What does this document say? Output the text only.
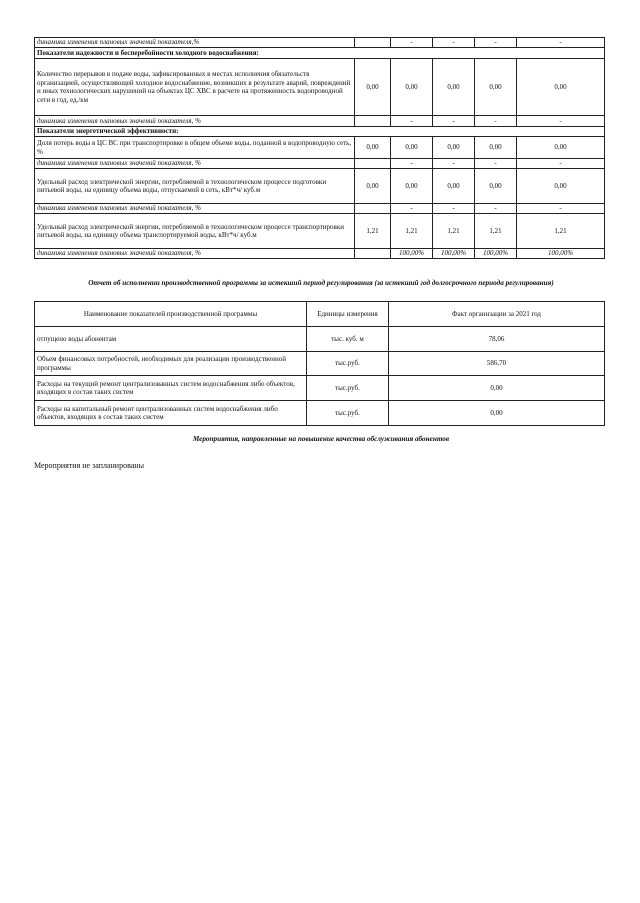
динамика изменения плановых значений показателя,%		-	-	-	-
Показатели надежности и бесперебойности холодного водоснабжения:					
Количество перерывов в подаче воды, зафиксированных в местах исполнения обязательств организацией, осуществляющей холодное водоснабжение, возникших в результате аварий, повреждений и иных технологических нарушений на объектах ЦС ХВС в расчете на протяженность водопроводной сети в год, ед./км	0,00	0,00	0,00	0,00	0,00
динамика изменения плановых значений показателя, %		-	-	-	-
Показатели энергетической эффективности:					
Доля потерь воды в ЦС ВС при транспортировке в общем объеме воды, поданной в водопроводную сеть, %	0,00	0,00	0,00	0,00	0,00
динамика изменения плановых значений показателя, %		-	-	-	-
Удельный расход электрической энергии, потребляемой в технологическом процессе подготовки питьевой воды, на единицу объема воды, отпускаемой в сеть, кВт*ч/ куб.м	0,00	0,00	0,00	0,00	0,00
динамика изменения плановых значений показателя, %		-	-	-	-
Удельный расход электрической энергии, потребляемой в технологическом процессе транспортировки питьевой воды, на единицу объема транспортируемой воды, кВт*ч/ куб.м	1,21	1,21	1,21	1,21	1,21
динамика изменения плановых значений показателя, %		100,00%	100,00%	100,00%	100,00%
Отчет об исполнении производственной программы за истекший период регулирования (за истекший год долгосрочного периода регулирования)
Наименование показателей производственной программы	Единицы измерения	Факт организации за 2021 год
отпущено воды абонентам	тыс. куб. м	78,06
Объем финансовых потребностей, необходимых для реализации производственной программы	тыс.руб.	586,70
Расходы на текущий ремонт централизованных систем водоснабжения либо объектов, входящих в состав таких систем	тыс.руб.	0,00
Расходы на капитальный ремонт централизованных систем водоснабжения либо объектов, входящих в состав таких систем	тыс.руб.	0,00
Мероприятия, направленные на повышение качества обслуживания абонентов
Мероприятия не запланированы
